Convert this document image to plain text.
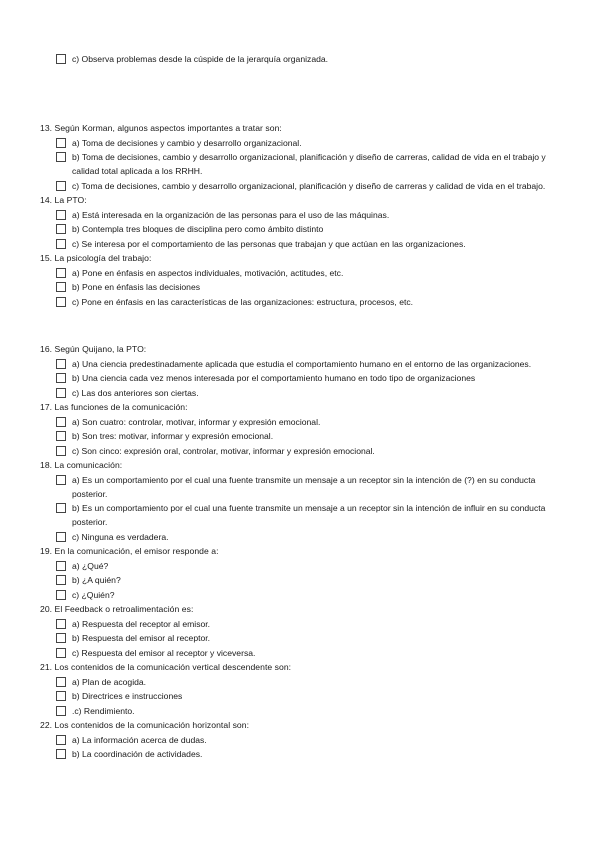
c) Observa problemas desde la cúspide de la jerarquía organizada.
13. Según Korman, algunos aspectos importantes a tratar son:
a) Toma de decisiones y cambio y desarrollo organizacional.
b) Toma de decisiones, cambio y desarrollo organizacional, planificación y diseño de carreras, calidad de vida en el trabajo y calidad total aplicada a los RRHH.
c) Toma de decisiones, cambio y desarrollo organizacional, planificación y diseño de carreras y calidad de vida en el trabajo.
14. La PTO:
a) Está interesada en la organización de las personas para el uso de las máquinas.
b) Contempla tres bloques de disciplina pero como ámbito distinto
c) Se interesa por el comportamiento de las personas que trabajan y que actúan en las organizaciones.
15. La psicología del trabajo:
a) Pone en énfasis en aspectos individuales, motivación, actitudes, etc.
b) Pone en énfasis las decisiones
c) Pone en énfasis en las características de las organizaciones: estructura, procesos, etc.
16. Según Quijano, la PTO:
a) Una ciencia predestinadamente aplicada que estudia el comportamiento humano en el entorno de las organizaciones.
b) Una ciencia cada vez menos interesada por el comportamiento humano en todo tipo de organizaciones
c) Las dos anteriores son ciertas.
17. Las funciones de la comunicación:
a) Son cuatro: controlar, motivar, informar y expresión emocional.
b) Son tres: motivar, informar y expresión emocional.
c) Son cinco: expresión oral, controlar, motivar, informar y expresión emocional.
18. La comunicación:
a) Es un comportamiento por el cual una fuente transmite un mensaje a un receptor sin la intención de (?) en su conducta posterior.
b) Es un comportamiento por el cual una fuente transmite un mensaje a un receptor sin la intención de influir en su conducta posterior.
c) Ninguna es verdadera.
19. En la comunicación, el emisor responde a:
a) ¿Qué?
b) ¿A quién?
c) ¿Quién?
20. El Feedback o retroalimentación es:
a) Respuesta del receptor al emisor.
b) Respuesta del emisor al receptor.
c) Respuesta del emisor al receptor y viceversa.
21. Los contenidos de la comunicación vertical descendente son:
a) Plan de acogida.
b) Directrices e instrucciones
.c) Rendimiento.
22. Los contenidos de la comunicación horizontal son:
a) La información acerca de dudas.
b) La coordinación de actividades.
